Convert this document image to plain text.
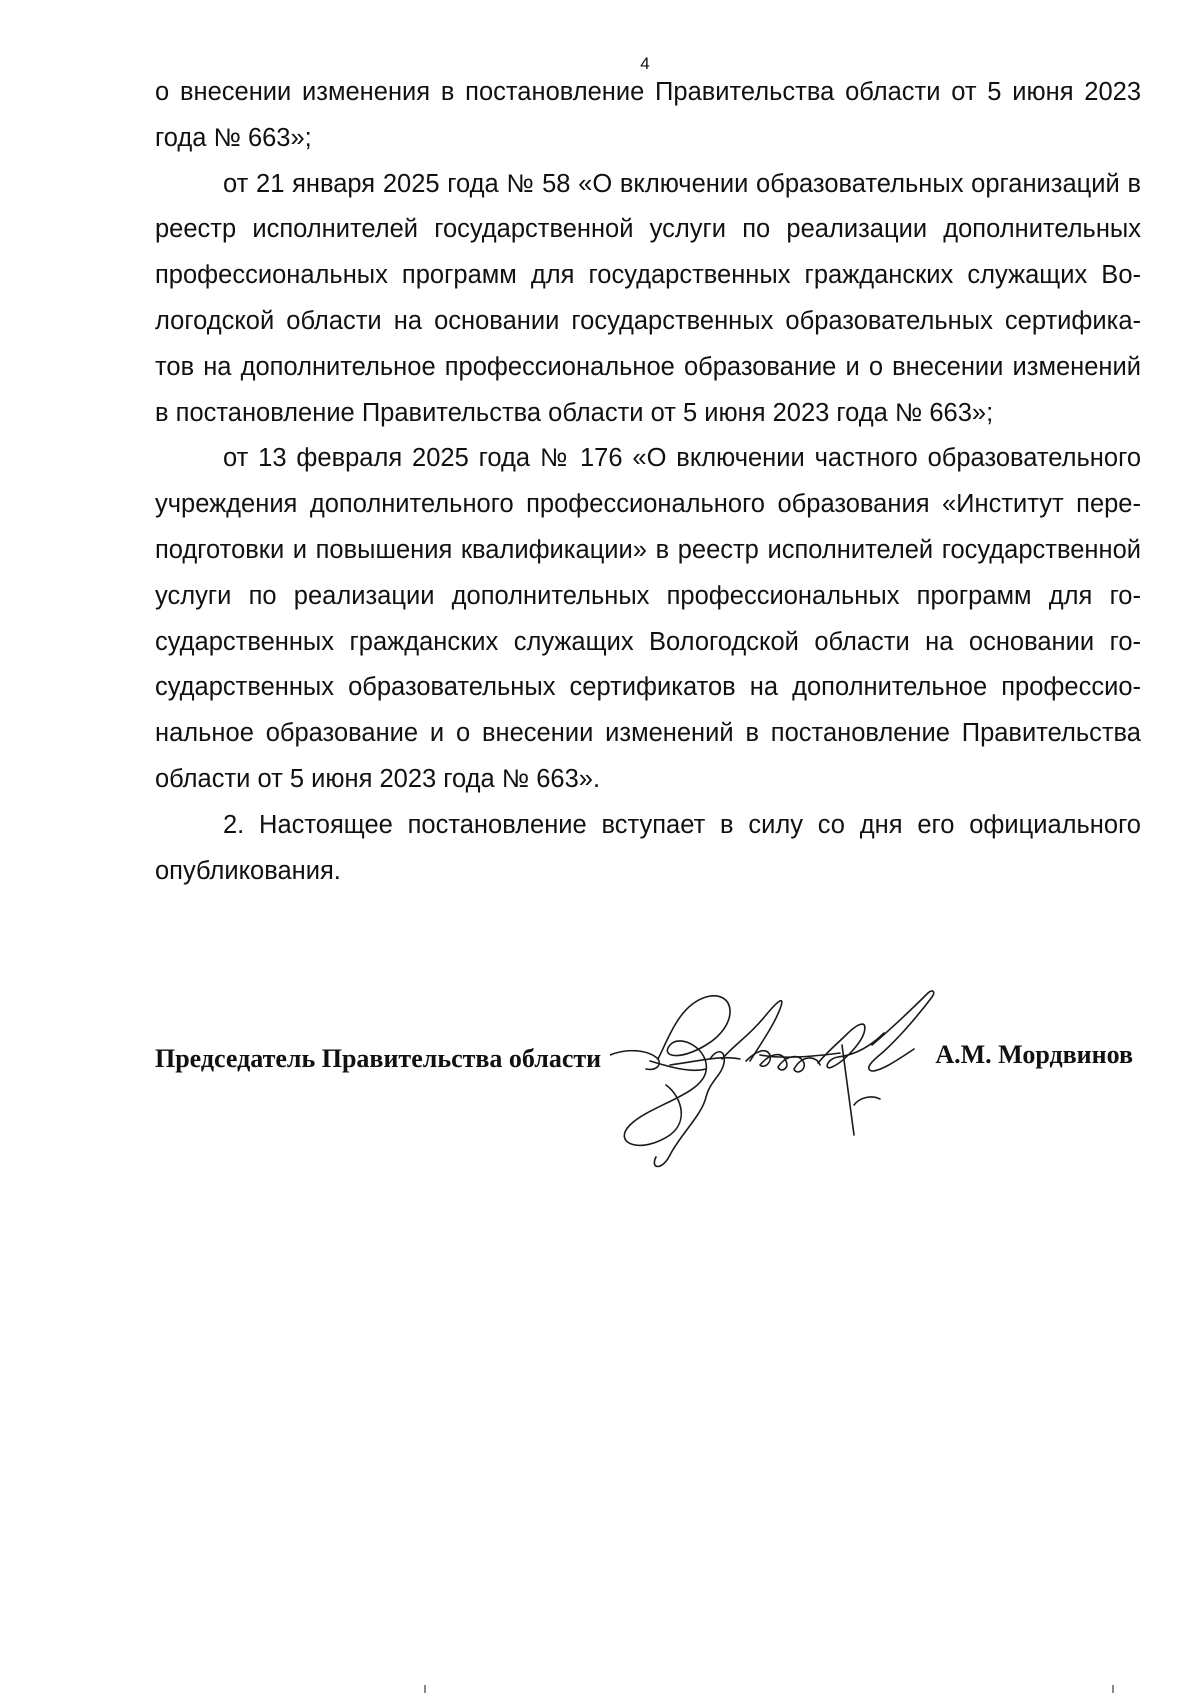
4

о внесении изменения в постановление Правительства области от 5 июня 2023 года № 663»;

от 21 января 2025 года № 58 «О включении образовательных организаций в реестр исполнителей государственной услуги по реализации дополнительных профессиональных программ для государственных гражданских служащих Вологодской области на основании государственных образовательных сертификатов на дополнительное профессиональное образование и о внесении изменений в постановление Правительства области от 5 июня 2023 года № 663»;

от 13 февраля 2025 года № 176 «О включении частного образовательного учреждения дополнительного профессионального образования «Институт переподготовки и повышения квалификации» в реестр исполнителей государственной услуги по реализации дополнительных профессиональных программ для государственных гражданских служащих Вологодской области на основании государственных образовательных сертификатов на дополнительное профессиональное образование и о внесении изменений в постановление Правительства области от 5 июня 2023 года № 663».

2. Настоящее постановление вступает в силу со дня его официального опубликования.

Председатель Правительства области	А.М. Мордвинов
